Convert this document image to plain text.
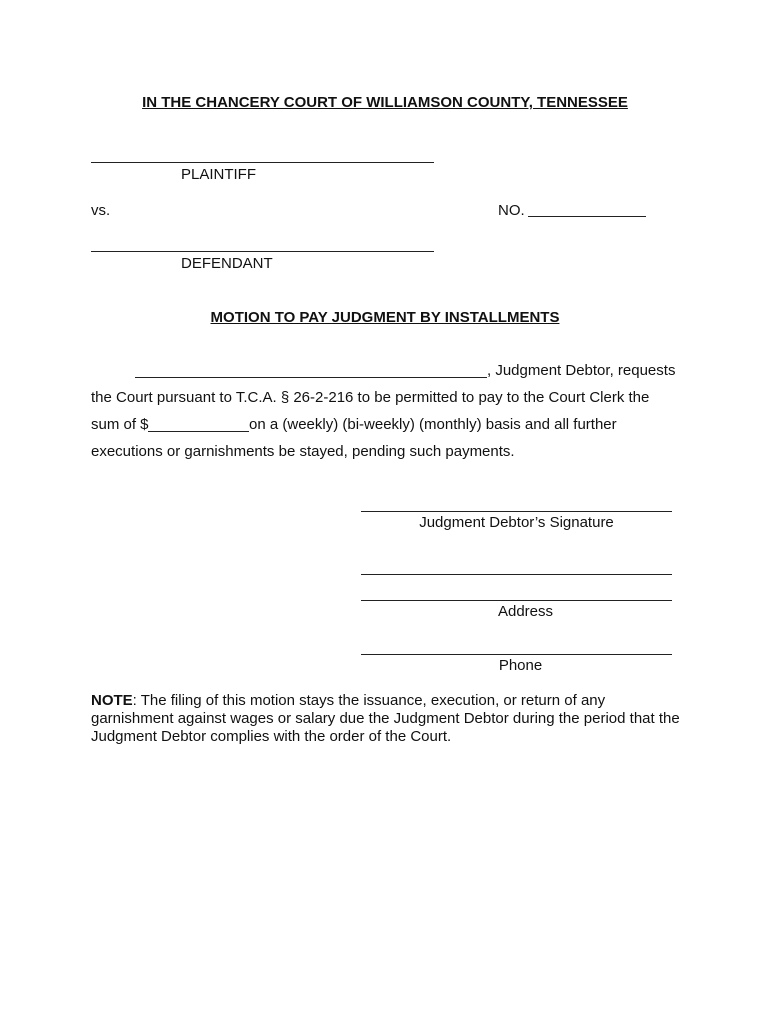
IN THE CHANCERY COURT OF WILLIAMSON COUNTY, TENNESSEE
PLAINTIFF
vs.	NO.
DEFENDANT
MOTION TO PAY JUDGMENT BY INSTALLMENTS
, Judgment Debtor, requests
the Court pursuant to T.C.A. § 26-2-216 to be permitted to pay to the Court Clerk the
sum of $	on a (weekly) (bi-weekly) (monthly) basis and all further
executions or garnishments be stayed, pending such payments.
Judgment Debtor’s Signature
Address
Phone
NOTE: The filing of this motion stays the issuance, execution, or return of any garnishment against wages or salary due the Judgment Debtor during the period that the Judgment Debtor complies with the order of the Court.
